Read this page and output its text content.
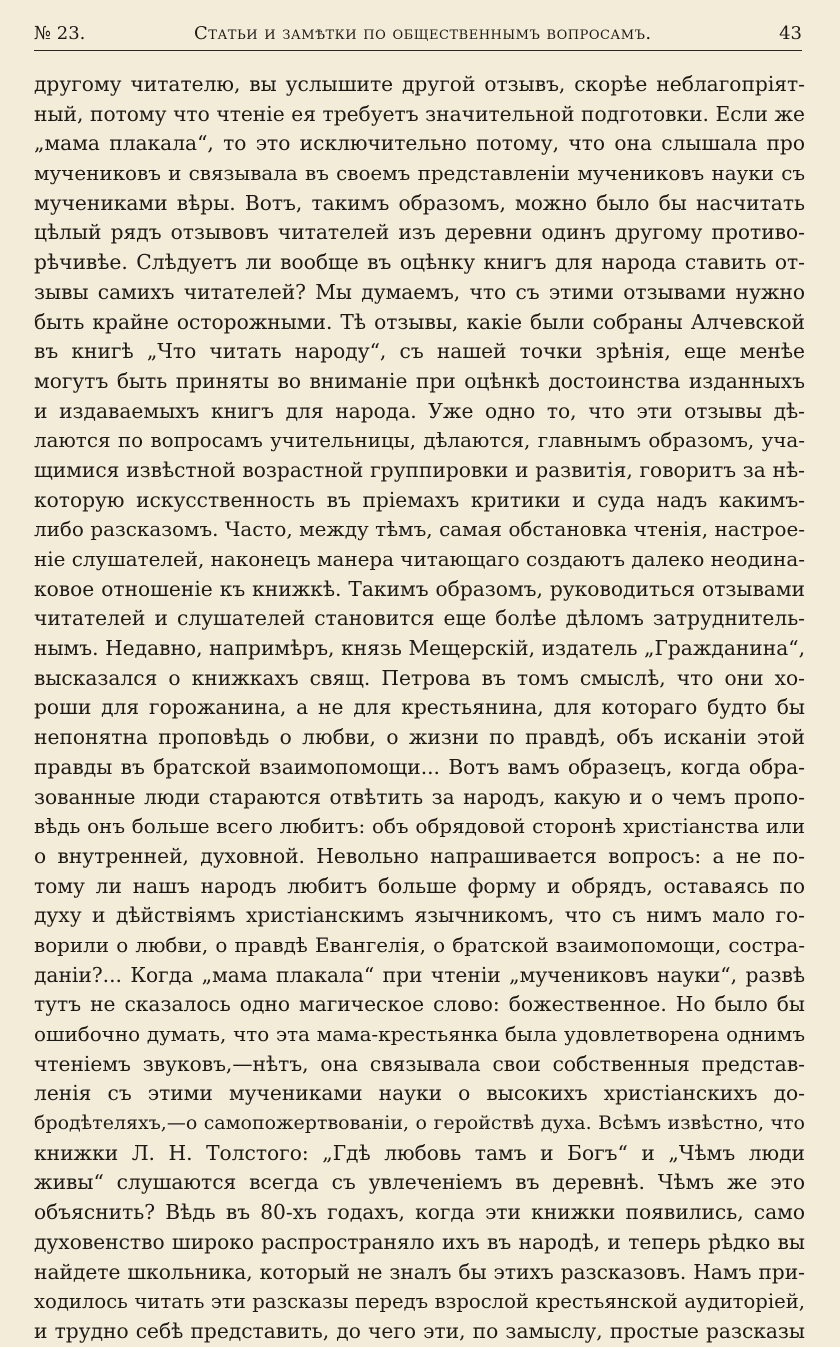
№ 23.	Статьи и замѣтки по общественнымъ вопросамъ.	43
другому читателю, вы услышите другой отзывъ, скорѣе неблагопріят-
ный, потому что чтеніе ея требуетъ значительной подготовки. Если же
„мама плакала“, то это исключительно потому, что она слышала про
мучениковъ и связывала въ своемъ представленіи мучениковъ науки съ
мучениками вѣры. Вотъ, такимъ образомъ, можно было бы насчитать
цѣлый рядъ отзывовъ читателей изъ деревни одинъ другому противо-
рѣчивѣе. Слѣдуетъ ли вообще въ оцѣнку книгъ для народа ставить от-
зывы самихъ читателей? Мы думаемъ, что съ этими отзывами нужно
быть крайне осторожными. Тѣ отзывы, какіе были собраны Алчевской
въ книгѣ „Что читать народу“, съ нашей точки зрѣнія, еще менѣе
могутъ быть приняты во вниманіе при оцѣнкѣ достоинства изданныхъ
и издаваемыхъ книгъ для народа. Уже одно то, что эти отзывы дѣ-
лаются по вопросамъ учительницы, дѣлаются, главнымъ образомъ, уча-
щимися извѣстной возрастной группировки и развитія, говоритъ за нѣ-
которую искусственность въ пріемахъ критики и суда надъ какимъ-
либо разсказомъ. Часто, между тѣмъ, самая обстановка чтенія, настрое-
ніе слушателей, наконецъ манера читающаго создаютъ далеко неодина-
ковое отношеніе къ книжкѣ. Такимъ образомъ, руководиться отзывами
читателей и слушателей становится еще болѣе дѣломъ затруднитель-
нымъ. Недавно, напримѣръ, князь Мещерскій, издатель „Гражданина“,
высказался о книжкахъ свящ. Петрова въ томъ смыслѣ, что они хо-
роши для горожанина, а не для крестьянина, для котораго будто бы
непонятна проповѣдь о любви, о жизни по правдѣ, объ исканіи этой
правды въ братской взаимопомощи... Вотъ вамъ образецъ, когда обра-
зованные люди стараются отвѣтить за народъ, какую и о чемъ пропо-
вѣдь онъ больше всего любитъ: объ обрядовой сторонѣ христіанства или
о внутренней, духовной. Невольно напрашивается вопросъ: а не по-
тому ли нашъ народъ любитъ больше форму и обрядъ, оставаясь по
духу и дѣйствіямъ христіанскимъ язычникомъ, что съ нимъ мало го-
ворили о любви, о правдѣ Евангелія, о братской взаимопомощи, состра-
даніи?... Когда „мама плакала“ при чтеніи „мучениковъ науки“, развѣ
тутъ не сказалось одно магическое слово: божественное. Но было бы
ошибочно думать, что эта мама-крестьянка была удовлетворена однимъ
чтеніемъ звуковъ,—нѣтъ, она связывала свои собственныя представ-
ленія съ этими мучениками науки о высокихъ христіанскихъ до-
бродѣтеляхъ,—о самопожертвованіи, о геройствѣ духа. Всѣмъ извѣстно, что
книжки Л. Н. Толстого: „Гдѣ любовь тамъ и Богъ“ и „Чѣмъ люди
живы“ слушаются всегда съ увлеченіемъ въ деревнѣ. Чѣмъ же это
объяснить? Вѣдь въ 80-хъ годахъ, когда эти книжки появились, само
духовенство широко распространяло ихъ въ народѣ, и теперь рѣдко вы
найдете школьника, который не зналъ бы этихъ разсказовъ. Намъ при-
ходилось читать эти разсказы передъ взрослой крестьянской аудиторіей,
и трудно себѣ представить, до чего эти, по замыслу, простые разсказы
